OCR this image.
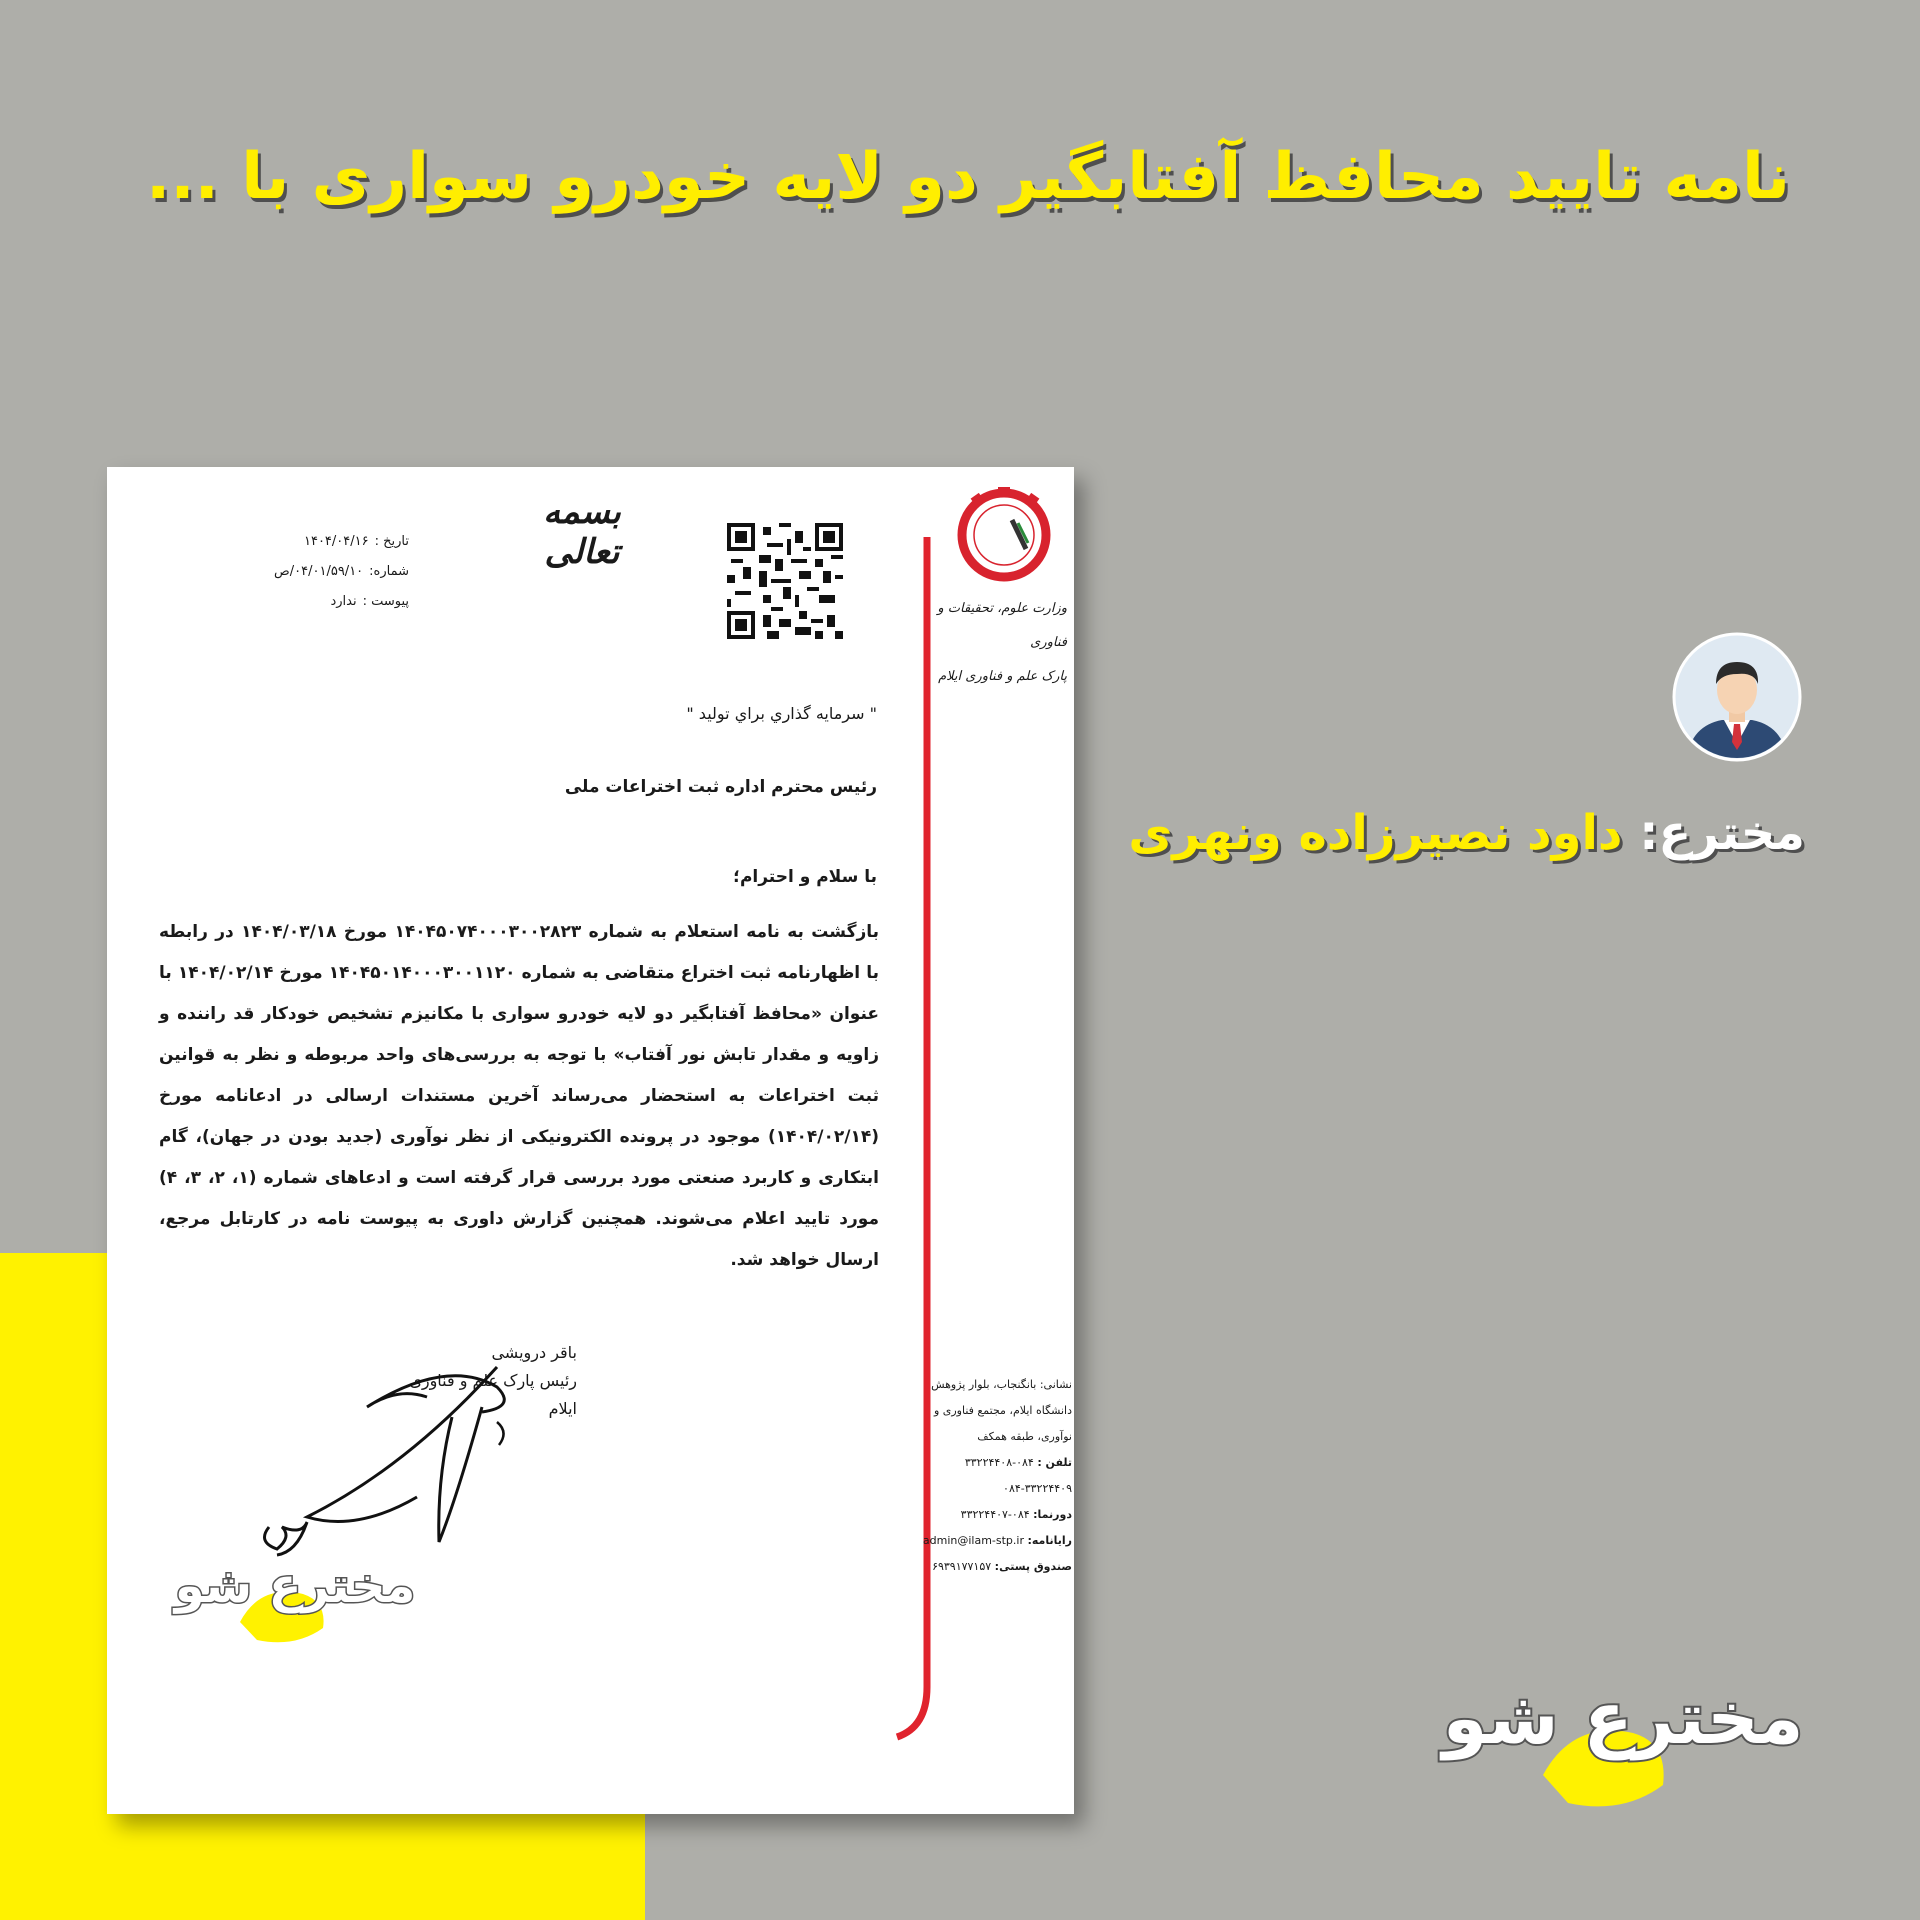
نامه تایید محافظ آفتابگیر دو لایه خودرو سواری با ...
مخترع: داود نصیرزاده ونهری
مخترع شو
بسمه تعالی
تاریخ :
۱۴۰۴/۰۴/۱۶
شماره:
۰۴/۰۱/۵۹/۱۰/ص
پیوست :
ندارد	وزارت علوم، تحقیقات و فناوری
پارک علم و فناوری ایلام
" سرمايه گذاري براي توليد "
رئیس محترم اداره ثبت اختراعات ملی
با سلام و احترام؛
بازگشت به نامه استعلام به شماره ۱۴۰۴۵۰۷۴۰۰۰۳۰۰۲۸۲۳ مورخ ۱۴۰۴/۰۳/۱۸ در رابطه با اظهارنامه ثبت اختراع متقاضی به شماره ۱۴۰۴۵۰۱۴۰۰۰۳۰۰۱۱۲۰ مورخ ۱۴۰۴/۰۲/۱۴ با عنوان «محافظ آفتابگیر دو لایه خودرو سواری با مکانیزم تشخیص خودکار قد راننده و زاویه و مقدار تابش نور آفتاب» با توجه به بررسی‌های واحد مربوطه و نظر به قوانین ثبت اختراعات به استحضار می‌رساند آخرین مستندات ارسالی در ادعانامه مورخ (۱۴۰۴/۰۲/۱۴) موجود در پرونده الکترونیکی از نظر نوآوری (جدید بودن در جهان)، گام ابتکاری و کاربرد صنعتی مورد بررسی قرار گرفته است و ادعاهای شماره (۱، ۲، ۳، ۴) مورد تایید اعلام می‌شوند. همچنین گزارش داوری به پیوست نامه در کارتابل مرجع، ارسال خواهد شد.
باقر درویشی
رئیس پارک علم و فناوری ایلام
نشانی: بانگنجاب، بلوار پژوهش
دانشگاه ایلام، مجتمع فناوری و
نوآوری، طبقه همکف
تلفن : ۰۸۴-۳۳۲۲۴۴۰۸
۰۸۴-۳۳۲۲۴۴۰۹
دورنما: ۰۸۴-۳۳۲۲۴۴۰۷
رایانامه: admin@ilam-stp.ir
صندوق پستی: ۶۹۳۹۱۷۷۱۵۷
مخترع شو
